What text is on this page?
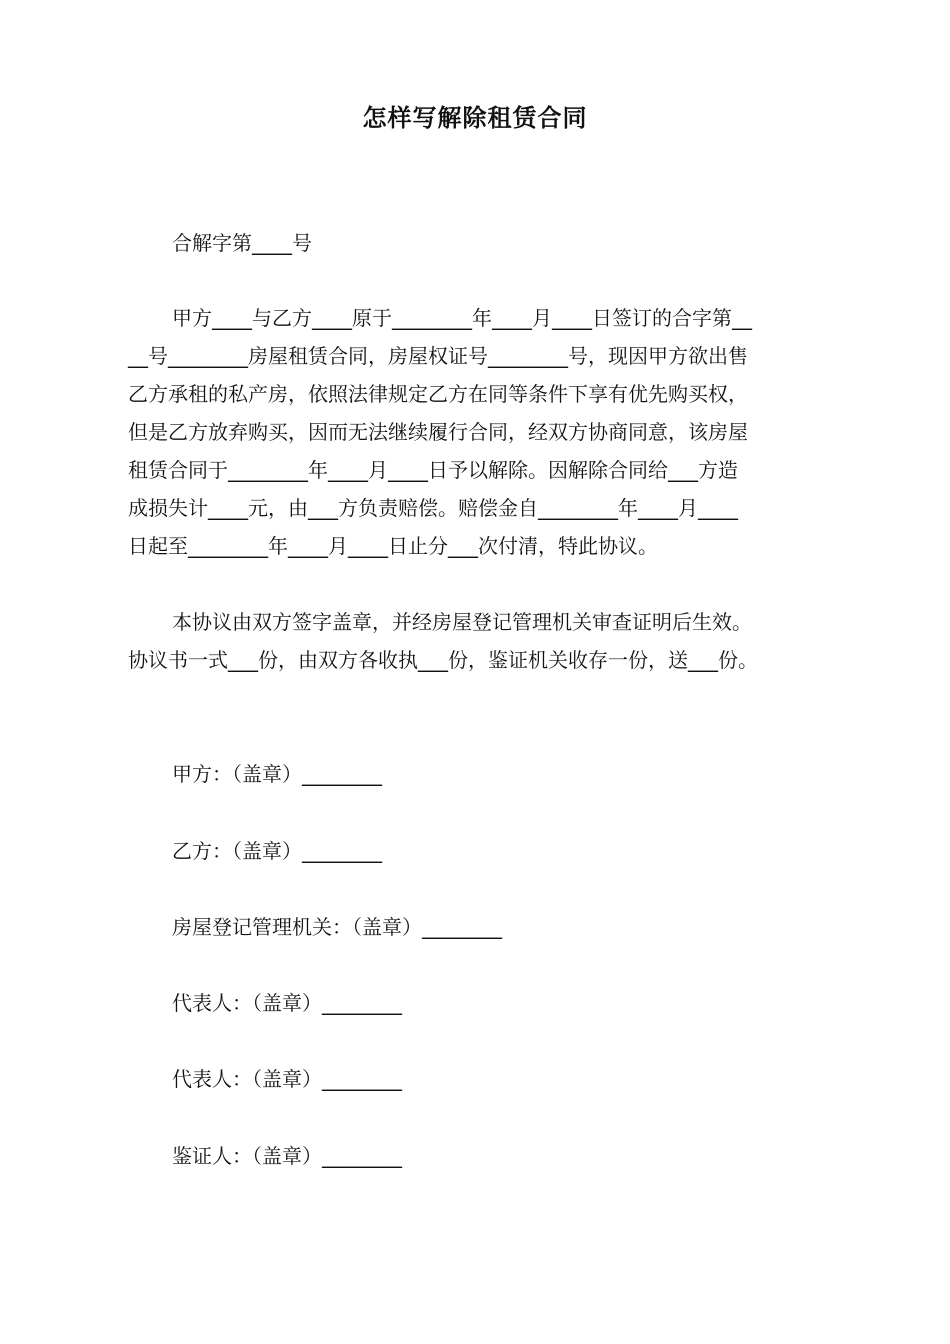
怎样写解除租赁合同
合解字第____号
甲方____与乙方____原于________年____月____日签订的合字第__
__号________房屋租赁合同，房屋权证号________号，现因甲方欲出售
乙方承租的私产房，依照法律规定乙方在同等条件下享有优先购买权，
但是乙方放弃购买，因而无法继续履行合同，经双方协商同意，该房屋
租赁合同于________年____月____日予以解除。因解除合同给___方造
成损失计____元，由___方负责赔偿。赔偿金自________年____月____
日起至________年____月____日止分___次付清，特此协议。
本协议由双方签字盖章，并经房屋登记管理机关审查证明后生效。
协议书一式___份，由双方各收执___份，鉴证机关收存一份，送___份。
甲方：（盖章）________
乙方：（盖章）________
房屋登记管理机关：（盖章）________
代表人：（盖章）________
代表人：（盖章）________
鉴证人：（盖章）________
